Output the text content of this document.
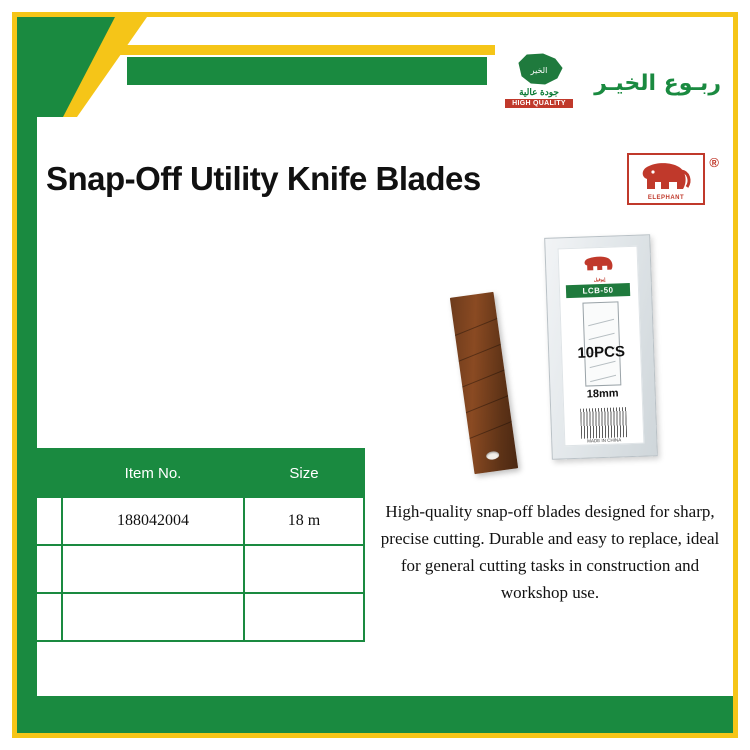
الخير
جودة عالية
HIGH QUALITY
ربـوع الخيـر
Snap-Off Utility Knife Blades
ELEPHANT
®
إيوفيل
LCB-50
10PCS
18mm
MADE IN CHINA
	Item No.	Size
	188042004	18 m

			High-quality snap-off blades designed for sharp, precise cutting. Durable and easy to replace, ideal for general cutting tasks in construction and workshop use.
